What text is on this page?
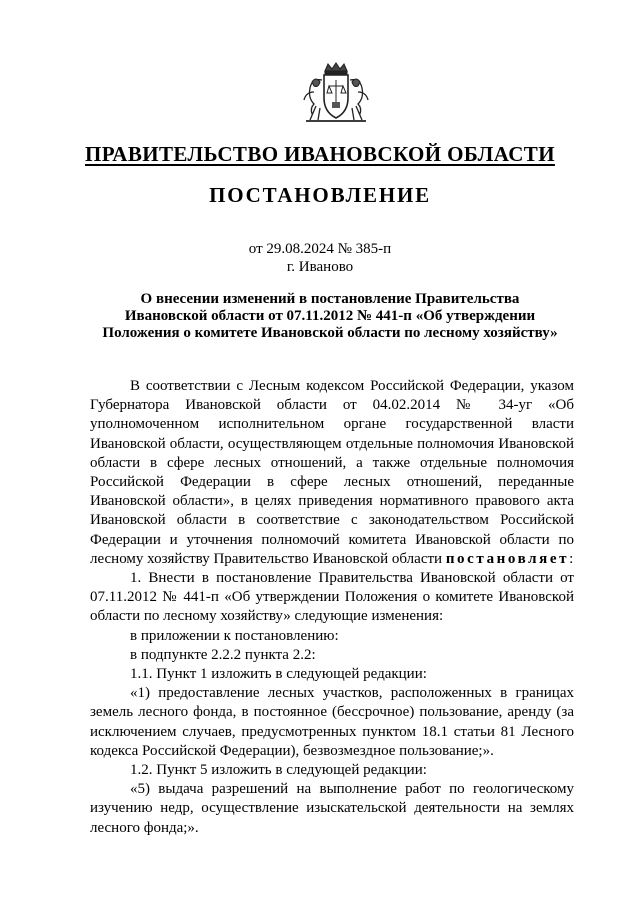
ПРАВИТЕЛЬСТВО ИВАНОВСКОЙ ОБЛАСТИ
ПОСТАНОВЛЕНИЕ
от 29.08.2024 № 385-п
г. Иваново
О внесении изменений в постановление Правительства
Ивановской области от 07.11.2012 № 441-п «Об утверждении
Положения о комитете Ивановской области по лесному хозяйству»

В соответствии с Лесным кодексом Российской Федерации, указом Губернатора Ивановской области от 04.02.2014 № 34-уг «Об уполномоченном исполнительном органе государственной власти Ивановской области, осуществляющем отдельные полномочия Ивановской области в сфере лесных отношений, а также отдельные полномочия Российской Федерации в сфере лесных отношений, переданные Ивановской области», в целях приведения нормативного правового акта Ивановской области в соответствие с законодательством Российской Федерации и уточнения полномочий комитета Ивановской области по лесному хозяйству Правительство Ивановской области постановляет:

1. Внести в постановление Правительства Ивановской области от 07.11.2012 № 441-п «Об утверждении Положения о комитете Ивановской области по лесному хозяйству» следующие изменения:

в приложении к постановлению:

в подпункте 2.2.2 пункта 2.2:

1.1. Пункт 1 изложить в следующей редакции:

«1) предоставление лесных участков, расположенных в границах земель лесного фонда, в постоянное (бессрочное) пользование, аренду (за исключением случаев, предусмотренных пунктом 18.1 статьи 81 Лесного кодекса Российской Федерации), безвозмездное пользование;».

1.2. Пункт 5 изложить в следующей редакции:

«5) выдача разрешений на выполнение работ по геологическому изучению недр, осуществление изыскательской деятельности на землях лесного фонда;».
